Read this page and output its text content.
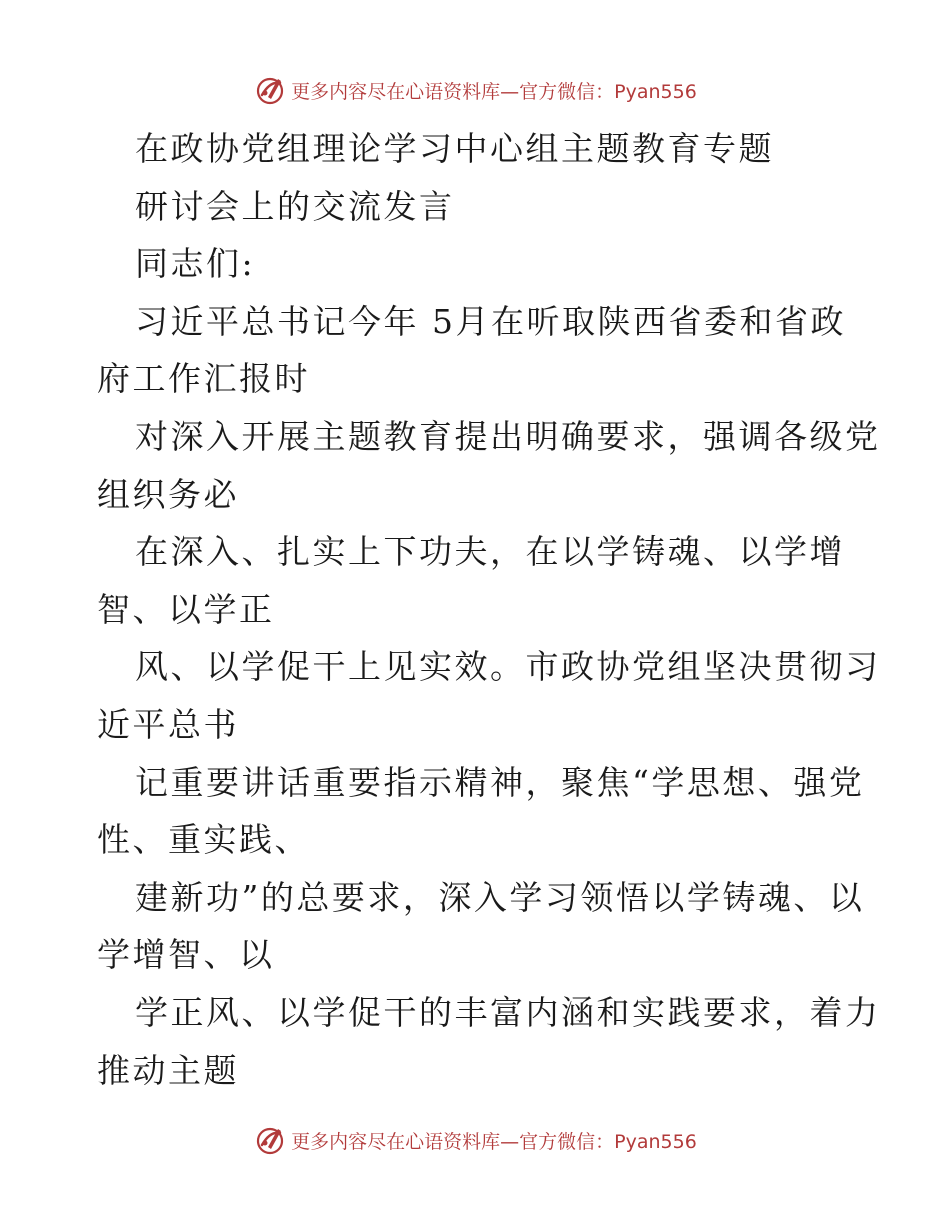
更多内容尽在心语资料库—官方微信：Pyan556
在政协党组理论学习中心组主题教育专题
研讨会上的交流发言
同志们:
习近平总书记今年 5月在听取陕西省委和省政
府工作汇报时
对深入开展主题教育提出明确要求，强调各级党
组织务必
在深入、扎实上下功夫，在以学铸魂、以学增
智、以学正
风、以学促干上见实效。市政协党组坚决贯彻习
近平总书
记重要讲话重要指示精神，聚焦“学思想、强党
性、重实践、
建新功”的总要求，深入学习领悟以学铸魂、以
学增智、以
学正风、以学促干的丰富内涵和实践要求，着力
推动主题
更多内容尽在心语资料库—官方微信：Pyan556
